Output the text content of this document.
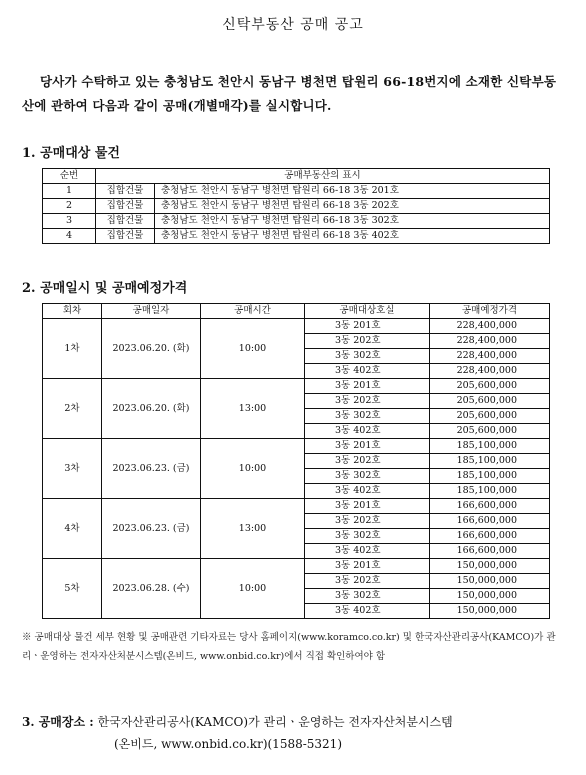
신탁부동산 공매 공고
당사가 수탁하고 있는 충청남도 천안시 동남구 병천면 탑원리 66-18번지에 소재한 신탁부동산에 관하여 다음과 같이 공매(개별매각)를 실시합니다.
1. 공매대상 물건
순번	공매부동산의 표시	
1	집합건물	충청남도 천안시 동남구 병천면 탑원리 66-18 3동 201호
2	집합건물	충청남도 천안시 동남구 병천면 탑원리 66-18 3동 202호
3	집합건물	충청남도 천안시 동남구 병천면 탑원리 66-18 3동 302호
4	집합건물	충청남도 천안시 동남구 병천면 탑원리 66-18 3동 402호
2. 공매일시 및 공매예정가격
회차	공매일자	공매시간	공매대상호실	공매예정가격
1차	2023.06.20. (화)	10:00	3동 201호	228,400,000
			3동 202호	228,400,000
			3동 302호	228,400,000
			3동 402호	228,400,000
2차	2023.06.20. (화)	13:00	3동 201호	205,600,000
			3동 202호	205,600,000
			3동 302호	205,600,000
			3동 402호	205,600,000
3차	2023.06.23. (금)	10:00	3동 201호	185,100,000
			3동 202호	185,100,000
			3동 302호	185,100,000
			3동 402호	185,100,000
4차	2023.06.23. (금)	13:00	3동 201호	166,600,000
			3동 202호	166,600,000
			3동 302호	166,600,000
			3동 402호	166,600,000
5차	2023.06.28. (수)	10:00	3동 201호	150,000,000
			3동 202호	150,000,000
			3동 302호	150,000,000
			3동 402호	150,000,000
※ 공매대상 물건 세부 현황 및 공매관련 기타자료는 당사 홈페이지(www.koramco.co.kr) 및 한국자산관리공사(KAMCO)가 관리ㆍ운영하는 전자자산처분시스템(온비드, www.onbid.co.kr)에서 직접 확인하여야 함
3. 공매장소 : 한국자산관리공사(KAMCO)가 관리ㆍ운영하는 전자자산처분시스템
(온비드, www.onbid.co.kr)(1588-5321)
